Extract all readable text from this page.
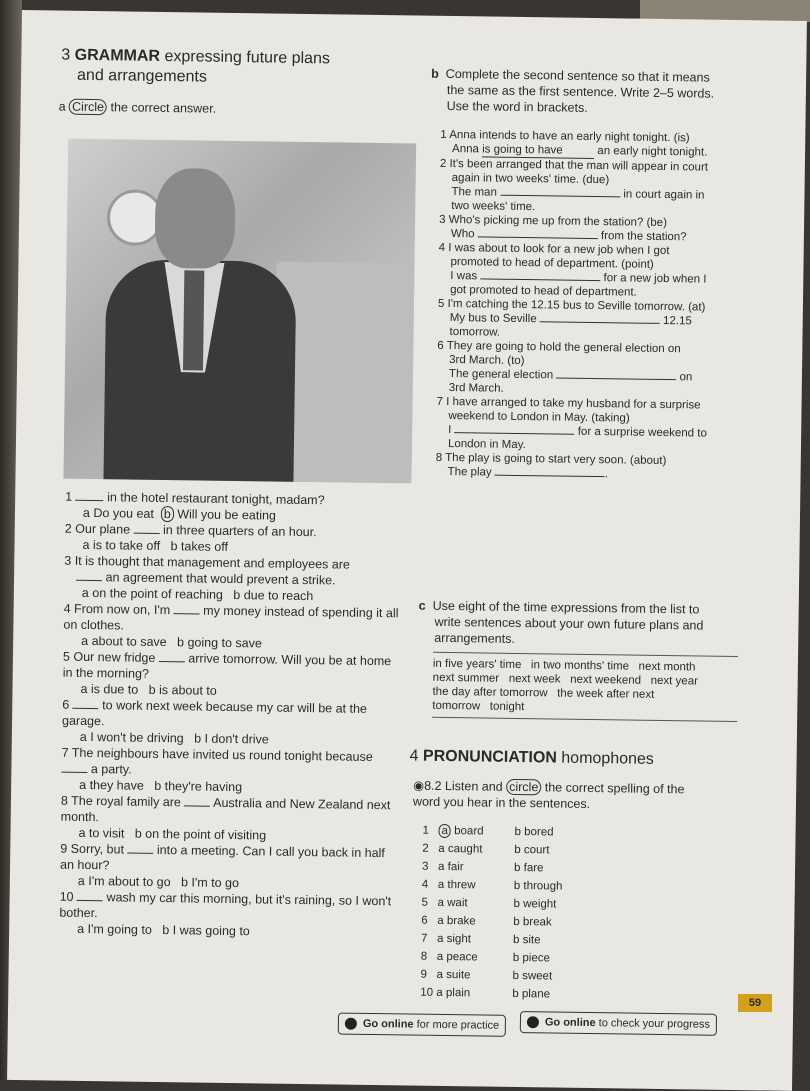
3 GRAMMAR expressing future plans
and arrangements
a Circle the correct answer.
1	in the hotel restaurant tonight, madam?
a Do you eat b Will you be eating
2 Our plane	in three quarters of an hour.
a is to take off   b takes off
3 It is thought that management and employees are
an agreement that would prevent a strike.
a on the point of reaching   b due to reach
4 From now on, I'm	my money instead of spending it all on clothes.
a about to save   b going to save
5 Our new fridge	arrive tomorrow. Will you be at home in the morning?
a is due to   b is about to
6	to work next week because my car will be at the garage.
a I won't be driving   b I don't drive
7 The neighbours have invited us round tonight because  a party.
a they have   b they're having
8 The royal family are	Australia and New Zealand next month.
a to visit   b on the point of visiting
9 Sorry, but	into a meeting. Can I call you back in half an hour?
a I'm about to go   b I'm to go
10	wash my car this morning, but it's raining, so I won't bother.
a I'm going to   b I was going to
b Complete the second sentence so that it means
the same as the first sentence. Write 2–5 words.
Use the word in brackets.
1 Anna intends to have an early night tonight. (is)
Anna is going to have	an early night tonight.
2 It's been arranged that the man will appear in court
again in two weeks' time. (due)
The man	in court again in
two weeks' time.
3 Who's picking me up from the station? (be)
Who	from the station?
4 I was about to look for a new job when I got
promoted to head of department. (point)
I was	for a new job when I
got promoted to head of department.
5 I'm catching the 12.15 bus to Seville tomorrow. (at)
My bus to Seville	12.15
tomorrow.
6 They are going to hold the general election on
3rd March. (to)
The general election	on
3rd March.
7 I have arranged to take my husband for a surprise
weekend to London in May. (taking)
I	for a surprise weekend to
London in May.
8 The play is going to start very soon. (about)
The play	.
c Use eight of the time expressions from the list to
write sentences about your own future plans and
arrangements.
in five years' time   in two months' time   next month
next summer   next week   next weekend   next year
the day after tomorrow   the week after next
tomorrow   tonight
4 PRONUNCIATION homophones
◉8.2 Listen and circle the correct spelling of the
word you hear in the sentences.
1 a board	b bored
2 a caught	b court
3 a fair	b fare
4 a threw	b through
5 a wait	b weight
6 a brake	b break
7 a sight	b site
8 a peace	b piece
9 a suite	b sweet
10 a plain	b plane
Go online for more practice	Go online to check your progress
59
